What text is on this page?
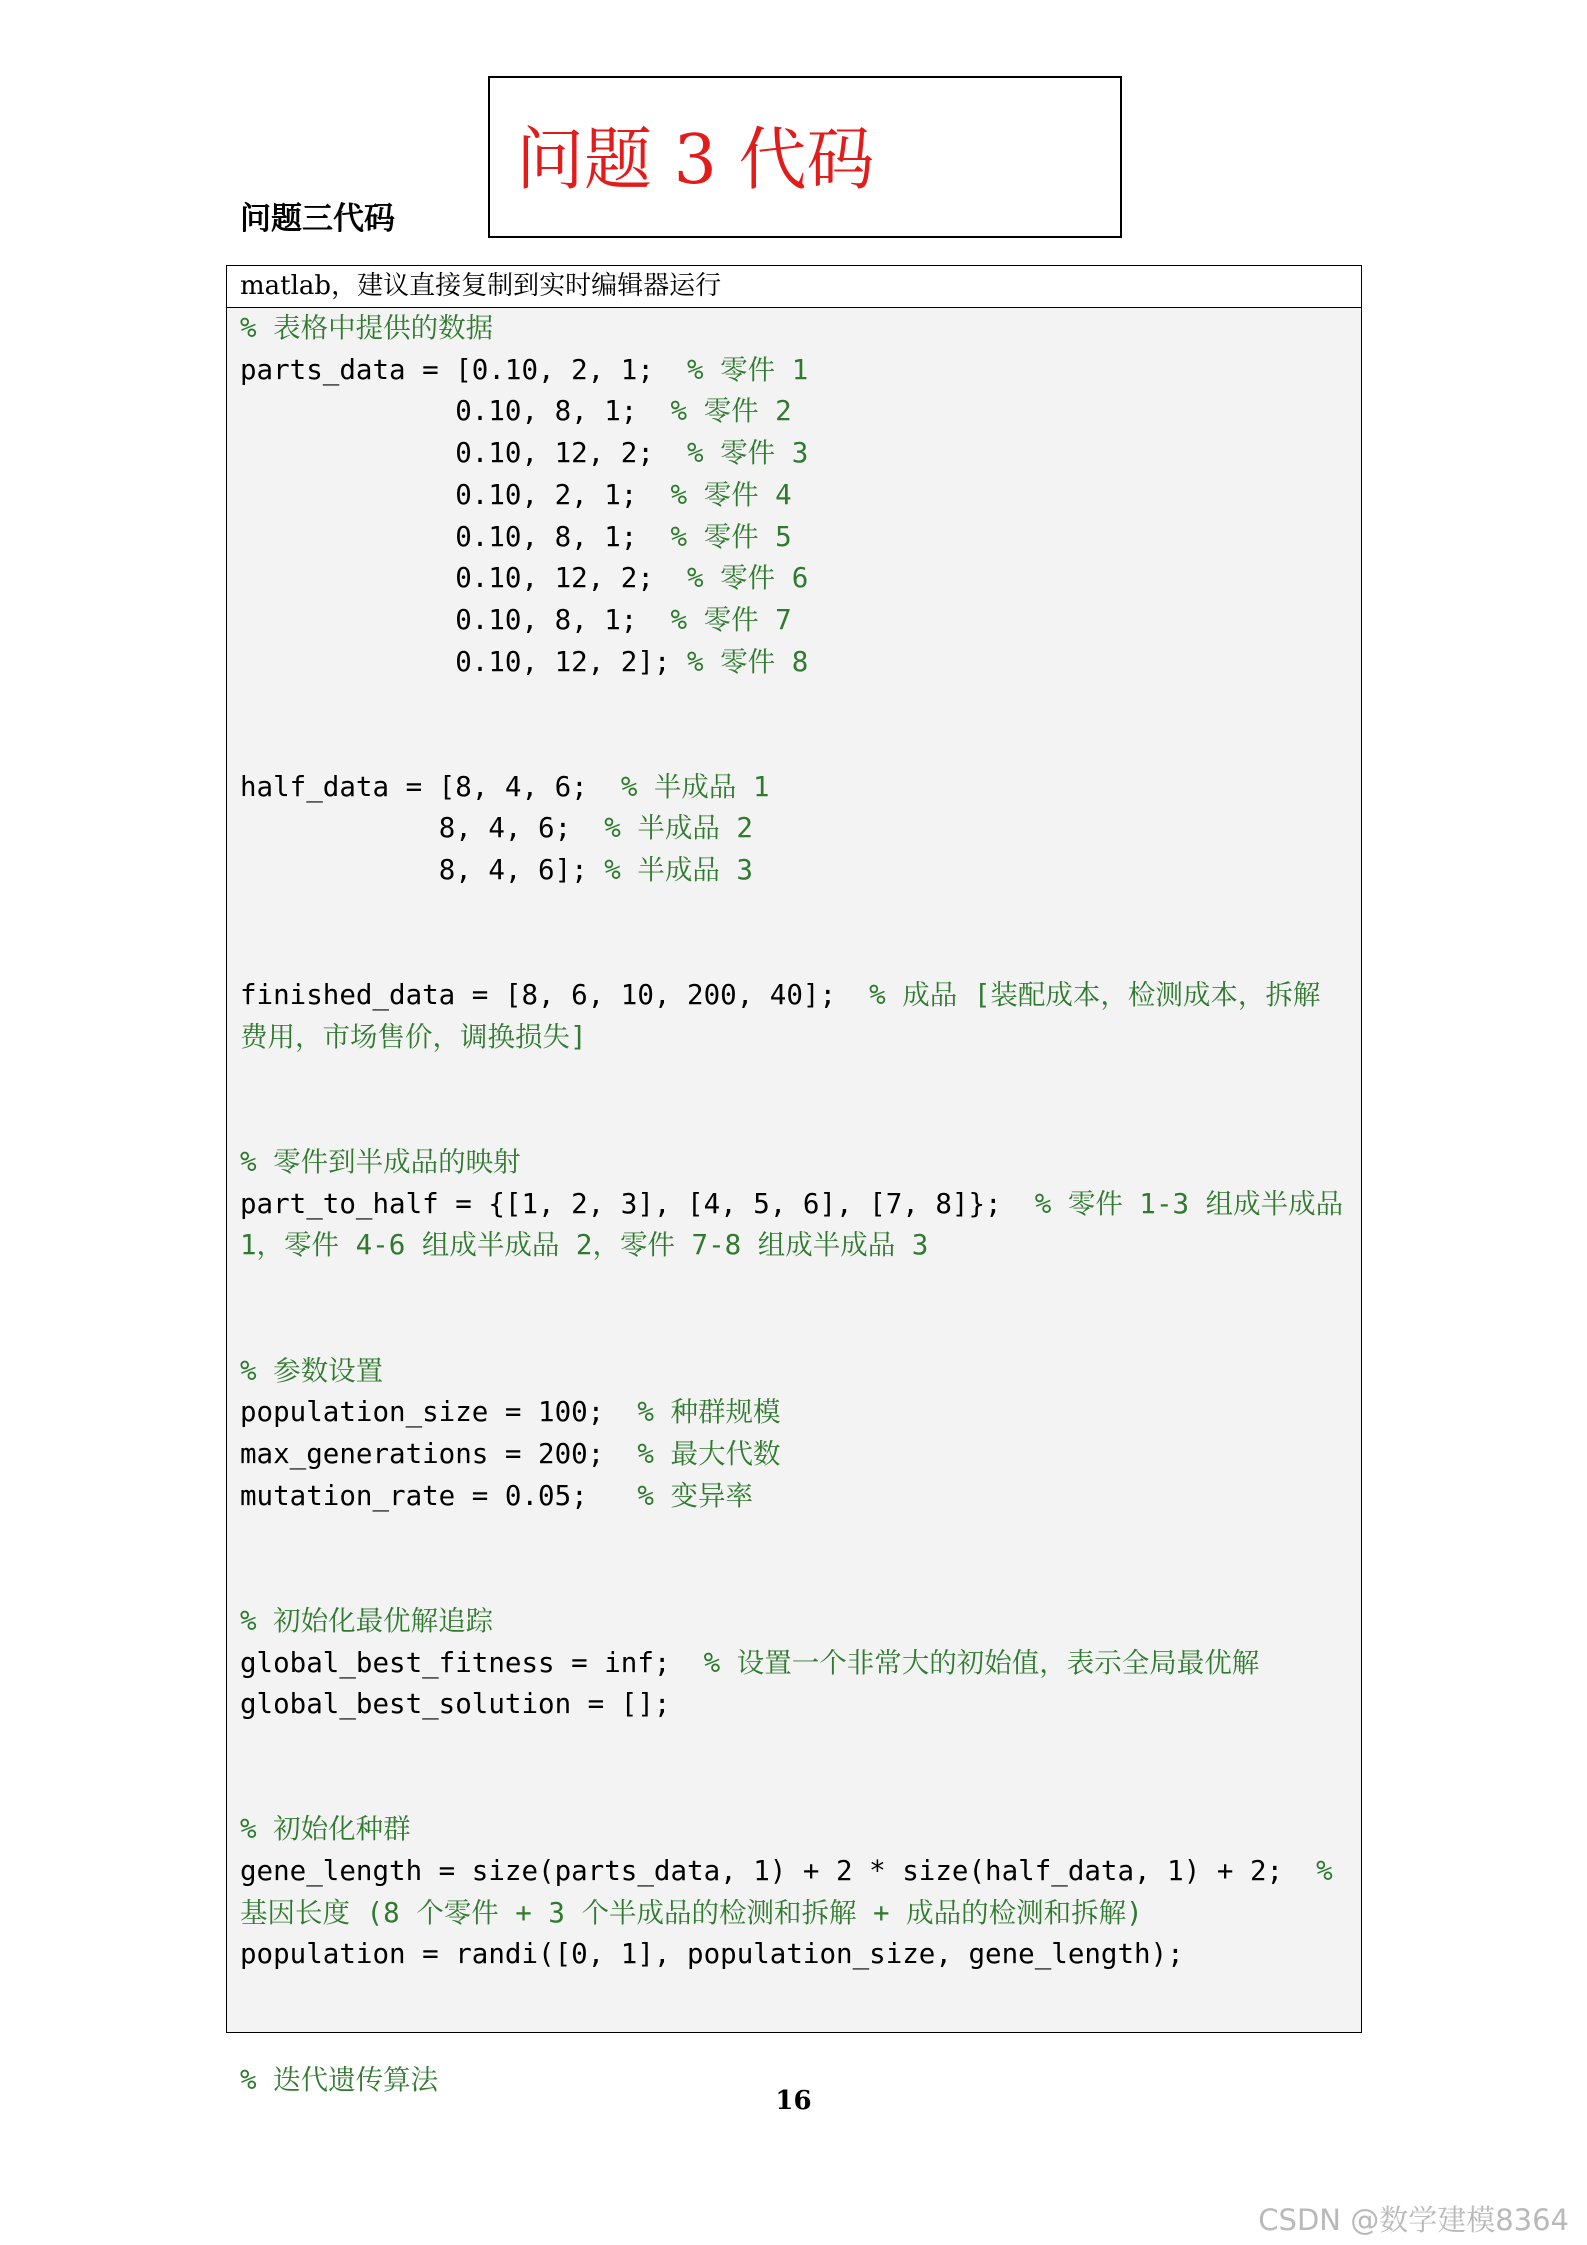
问题三代码
问题 3 代码
matlab，建议直接复制到实时编辑器运行
% 表格中提供的数据
parts_data = [0.10, 2, 1;  % 零件 1
0.10, 8, 1;  % 零件 2
0.10, 12, 2;  % 零件 3
0.10, 2, 1;  % 零件 4
0.10, 8, 1;  % 零件 5
0.10, 12, 2;  % 零件 6
0.10, 8, 1;  % 零件 7
0.10, 12, 2]; % 零件 8

half_data = [8, 4, 6;  % 半成品 1
8, 4, 6;  % 半成品 2
8, 4, 6]; % 半成品 3

finished_data = [8, 6, 10, 200, 40];  % 成品 [装配成本，检测成本，拆解费用，市场售价，调换损失]

% 零件到半成品的映射
part_to_half = {[1, 2, 3], [4, 5, 6], [7, 8]};  % 零件 1-3 组成半成品 1，零件 4-6 组成半成品 2，零件 7-8 组成半成品 3

% 参数设置
population_size = 100;  % 种群规模
max_generations = 200;  % 最大代数
mutation_rate = 0.05;   % 变异率

% 初始化最优解追踪
global_best_fitness = inf;  % 设置一个非常大的初始值，表示全局最优解
global_best_solution = [];

% 初始化种群
gene_length = size(parts_data, 1) + 2 * size(half_data, 1) + 2;  % 基因长度 (8 个零件 + 3 个半成品的检测和拆解 + 成品的检测和拆解)
population = randi([0, 1], population_size, gene_length);

% 迭代遗传算法
16
CSDN @数学建模8364
